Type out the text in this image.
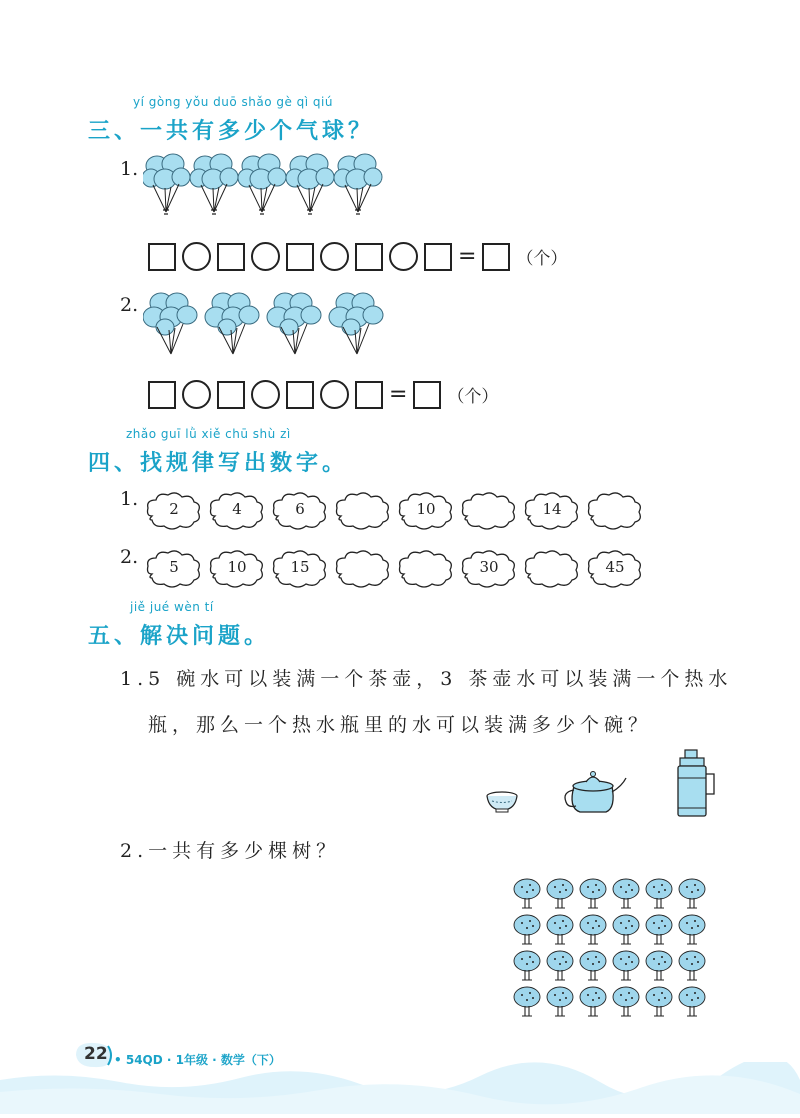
yí gòng yǒu duō shǎo gè qì qiú
三、一共有多少个气球？
1.
= （个）
2.
= （个）
zhǎo guī lǜ xiě chū shù zì
四、找规律写出数字。
1.	2	4	6	10	14
2.	5	10	15	30	45
jiě jué wèn tí
五、解决问题。
1.5 碗水可以装满一个茶壶，3 茶壶水可以装满一个热水
瓶，那么一个热水瓶里的水可以装满多少个碗？
2.一共有多少棵树？
22 • 54QD · 1年级 · 数学（下）
